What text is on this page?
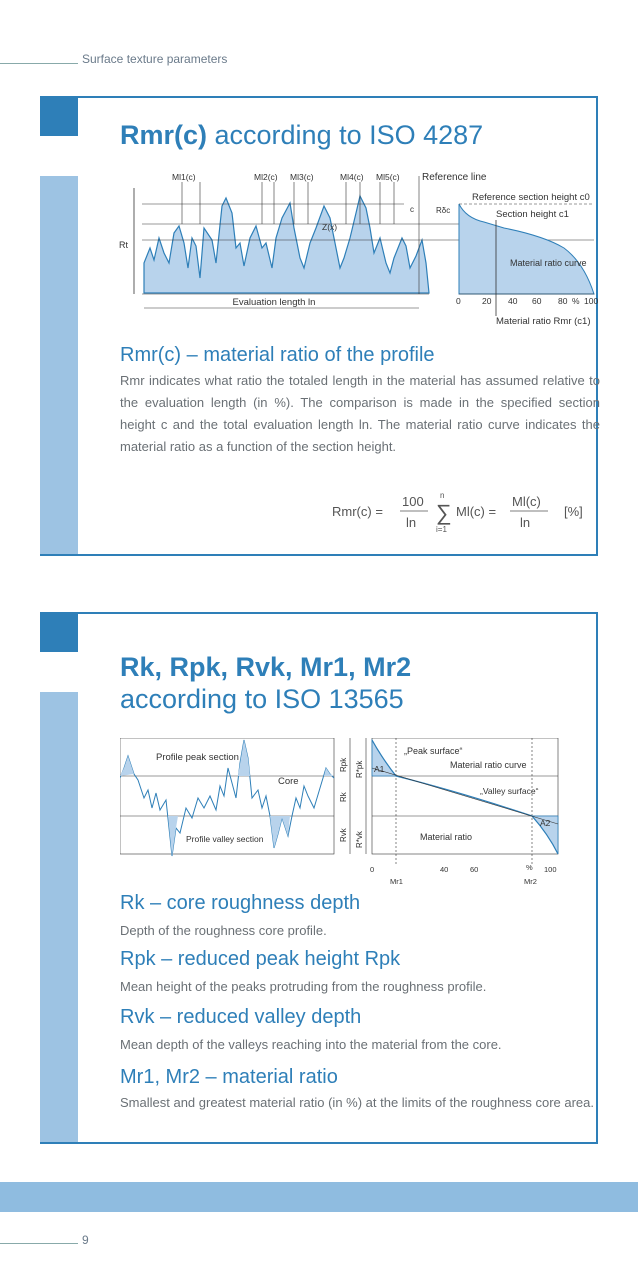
Surface texture parameters
Rmr(c) according to ISO 4287
Rt
Ml1(c)	Ml2(c) Ml3(c)	Ml4(c) Ml5(c) Reference line
c	Rδc
Z(x)
Evaluation length ln
Reference section height c0
Section height c1
Material ratio curve
0	20 40 60 80 % 100
Material ratio Rmr (c1)
Rmr(c) – material ratio of the profile
Rmr indicates what ratio the totaled length in the material has assumed relative to the evaluation length (in %). The comparison is made in the specified section height c and the total evaluation length ln. The material ratio curve indicates the material ratio as a function of the section height.
Rmr(c) =
100
ln ∑
n
i=1
Ml(c) =
Ml(c)
ln
[%]
Rk, Rpk, Rvk, Mr1, Mr2
according to ISO 13565
Profile peak section
Core
Profile valley section
Rpk R*pk
Rk
Rvk R*vk
A1
A2
„Peak surface“
Material ratio curve
„Valley surface“
Material ratio
0	40	60	% 100
Mr1	Mr2
Rk – core roughness depth
Depth of the roughness core profile.
Rpk – reduced peak height Rpk
Mean height of the peaks protruding from the roughness profile.
Rvk – reduced valley depth
Mean depth of the valleys reaching into the material from the core.
Mr1, Mr2 – material ratio
Smallest and greatest material ratio (in %) at the limits of the roughness core area.
9
